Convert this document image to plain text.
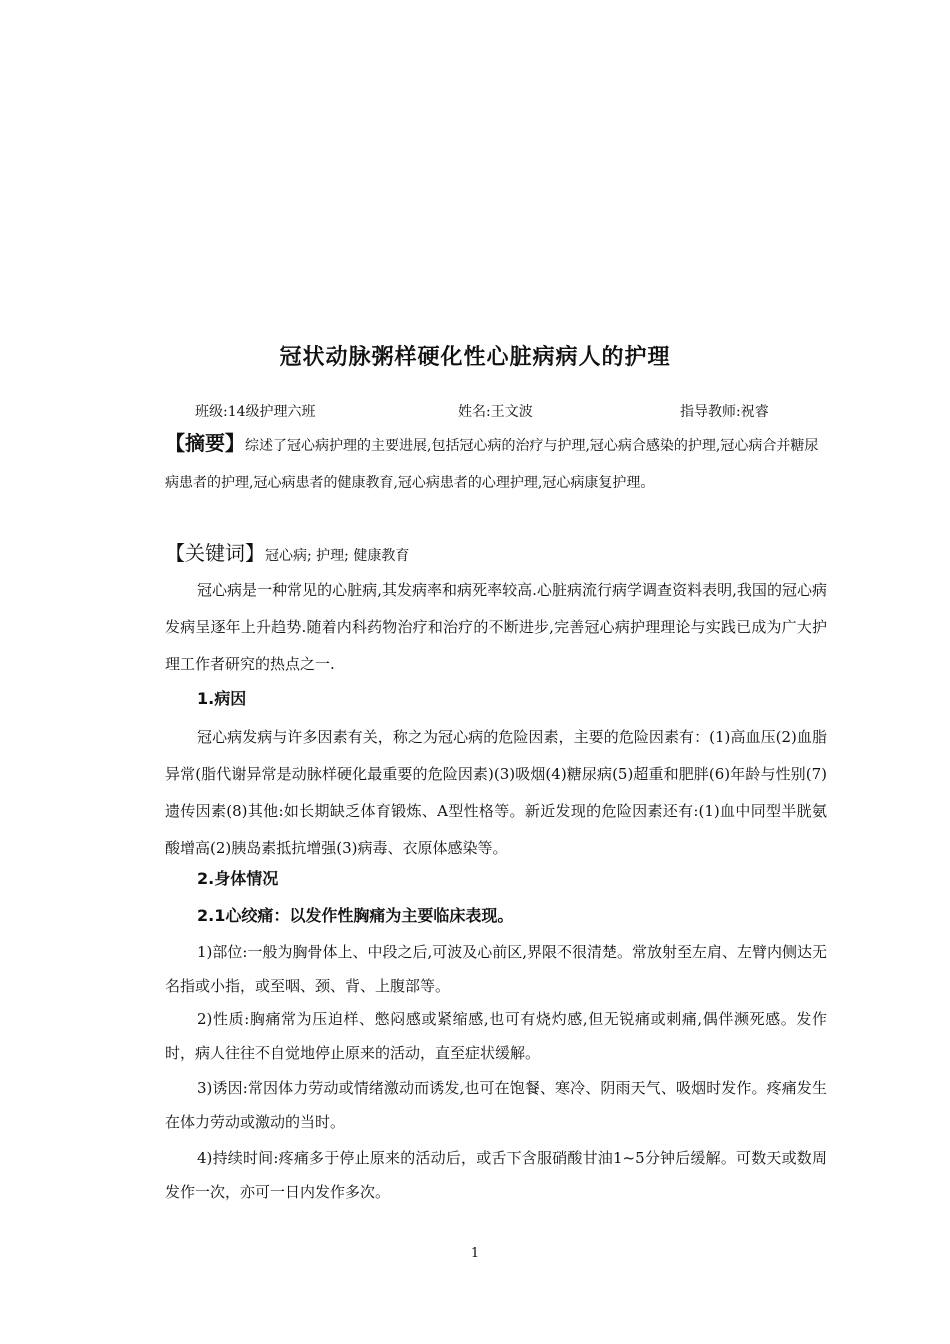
冠状动脉粥样硬化性心脏病病人的护理
班级:14级护理六班	姓名:王文波	指导教师:祝睿
【摘要】综述了冠心病护理的主要进展,包括冠心病的治疗与护理,冠心病合感染的护理,冠心病合并糖尿病患者的护理,冠心病患者的健康教育,冠心病患者的心理护理,冠心病康复护理。
【关键词】冠心病; 护理; 健康教育
冠心病是一种常见的心脏病,其发病率和病死率较高.心脏病流行病学调查资料表明,我国的冠心病发病呈逐年上升趋势.随着内科药物治疗和治疗的不断进步,完善冠心病护理理论与实践已成为广大护理工作者研究的热点之一.
1.病因
冠心病发病与许多因素有关，称之为冠心病的危险因素，主要的危险因素有：(1)高血压(2)血脂异常(脂代谢异常是动脉样硬化最重要的危险因素)(3)吸烟(4)糖尿病(5)超重和肥胖(6)年龄与性别(7)遗传因素(8)其他:如长期缺乏体育锻炼、A型性格等。新近发现的危险因素还有:(1)血中同型半胱氨酸增高(2)胰岛素抵抗增强(3)病毒、衣原体感染等。
2.身体情况
2.1心绞痛：以发作性胸痛为主要临床表现。
1)部位:一般为胸骨体上、中段之后,可波及心前区,界限不很清楚。常放射至左肩、左臂内侧达无名指或小指，或至咽、颈、背、上腹部等。
2)性质:胸痛常为压迫样、憋闷感或紧缩感,也可有烧灼感,但无锐痛或刺痛,偶伴濒死感。发作时，病人往往不自觉地停止原来的活动，直至症状缓解。
3)诱因:常因体力劳动或情绪激动而诱发,也可在饱餐、寒冷、阴雨天气、吸烟时发作。疼痛发生在体力劳动或激动的当时。
4)持续时间:疼痛多于停止原来的活动后，或舌下含服硝酸甘油1~5分钟后缓解。可数天或数周发作一次，亦可一日内发作多次。
1
